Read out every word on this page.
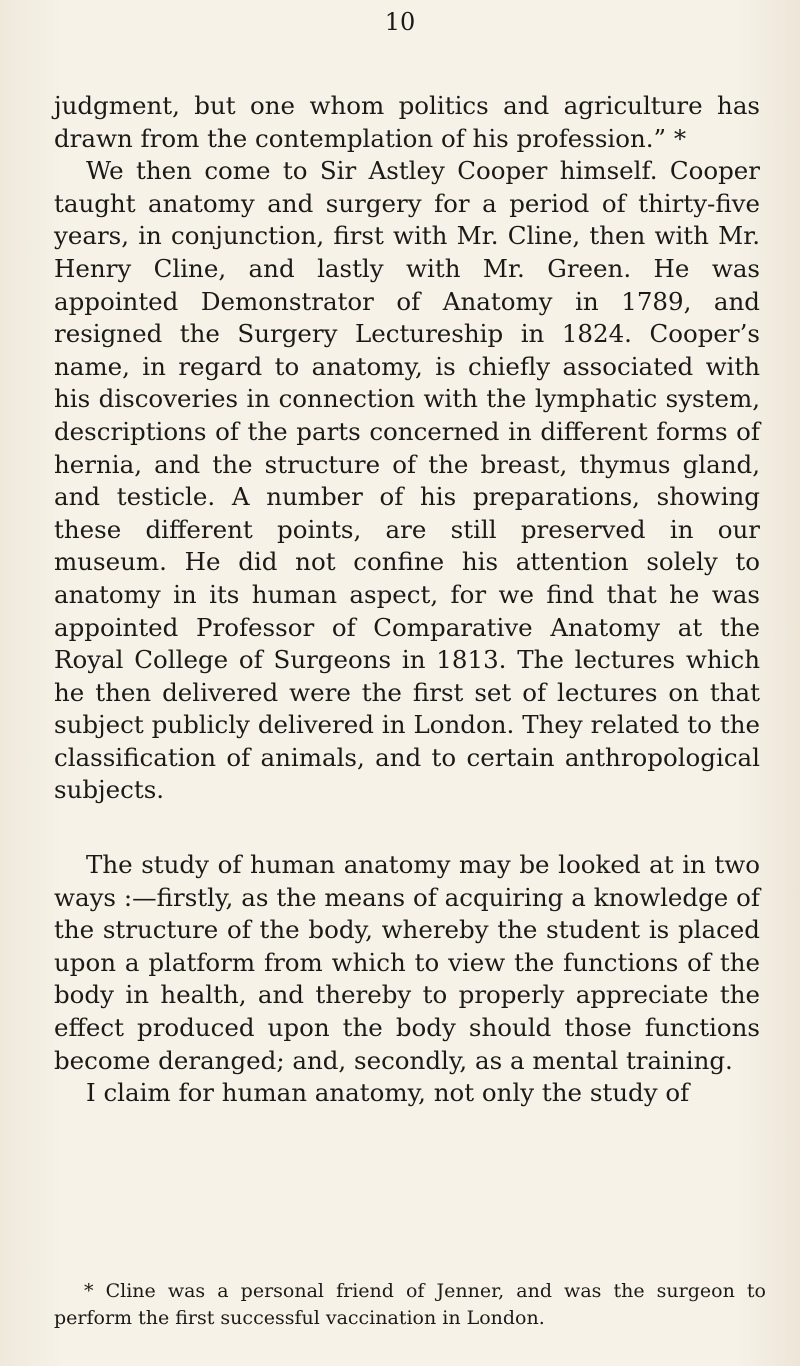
10

judgment, but one whom politics and agriculture has drawn from the contemplation of his profession.” *

We then come to Sir Astley Cooper himself. Cooper taught anatomy and surgery for a period of thirty-five years, in conjunction, first with Mr. Cline, then with Mr. Henry Cline, and lastly with Mr. Green. He was appointed Demonstrator of Anatomy in 1789, and resigned the Surgery Lectureship in 1824. Cooper’s name, in regard to anatomy, is chiefly associated with his discoveries in connection with the lymphatic system, descriptions of the parts concerned in different forms of hernia, and the structure of the breast, thymus gland, and testicle. A number of his preparations, showing these different points, are still preserved in our museum. He did not confine his attention solely to anatomy in its human aspect, for we find that he was appointed Professor of Comparative Anatomy at the Royal College of Surgeons in 1813. The lectures which he then delivered were the first set of lectures on that subject publicly delivered in London. They related to the classification of animals, and to certain anthropological subjects.

The study of human anatomy may be looked at in two ways :—firstly, as the means of acquiring a knowledge of the structure of the body, whereby the student is placed upon a platform from which to view the functions of the body in health, and thereby to properly appreciate the effect produced upon the body should those functions become deranged; and, secondly, as a mental training.

I claim for human anatomy, not only the study of

* Cline was a personal friend of Jenner, and was the surgeon to perform the first successful vaccination in London.
